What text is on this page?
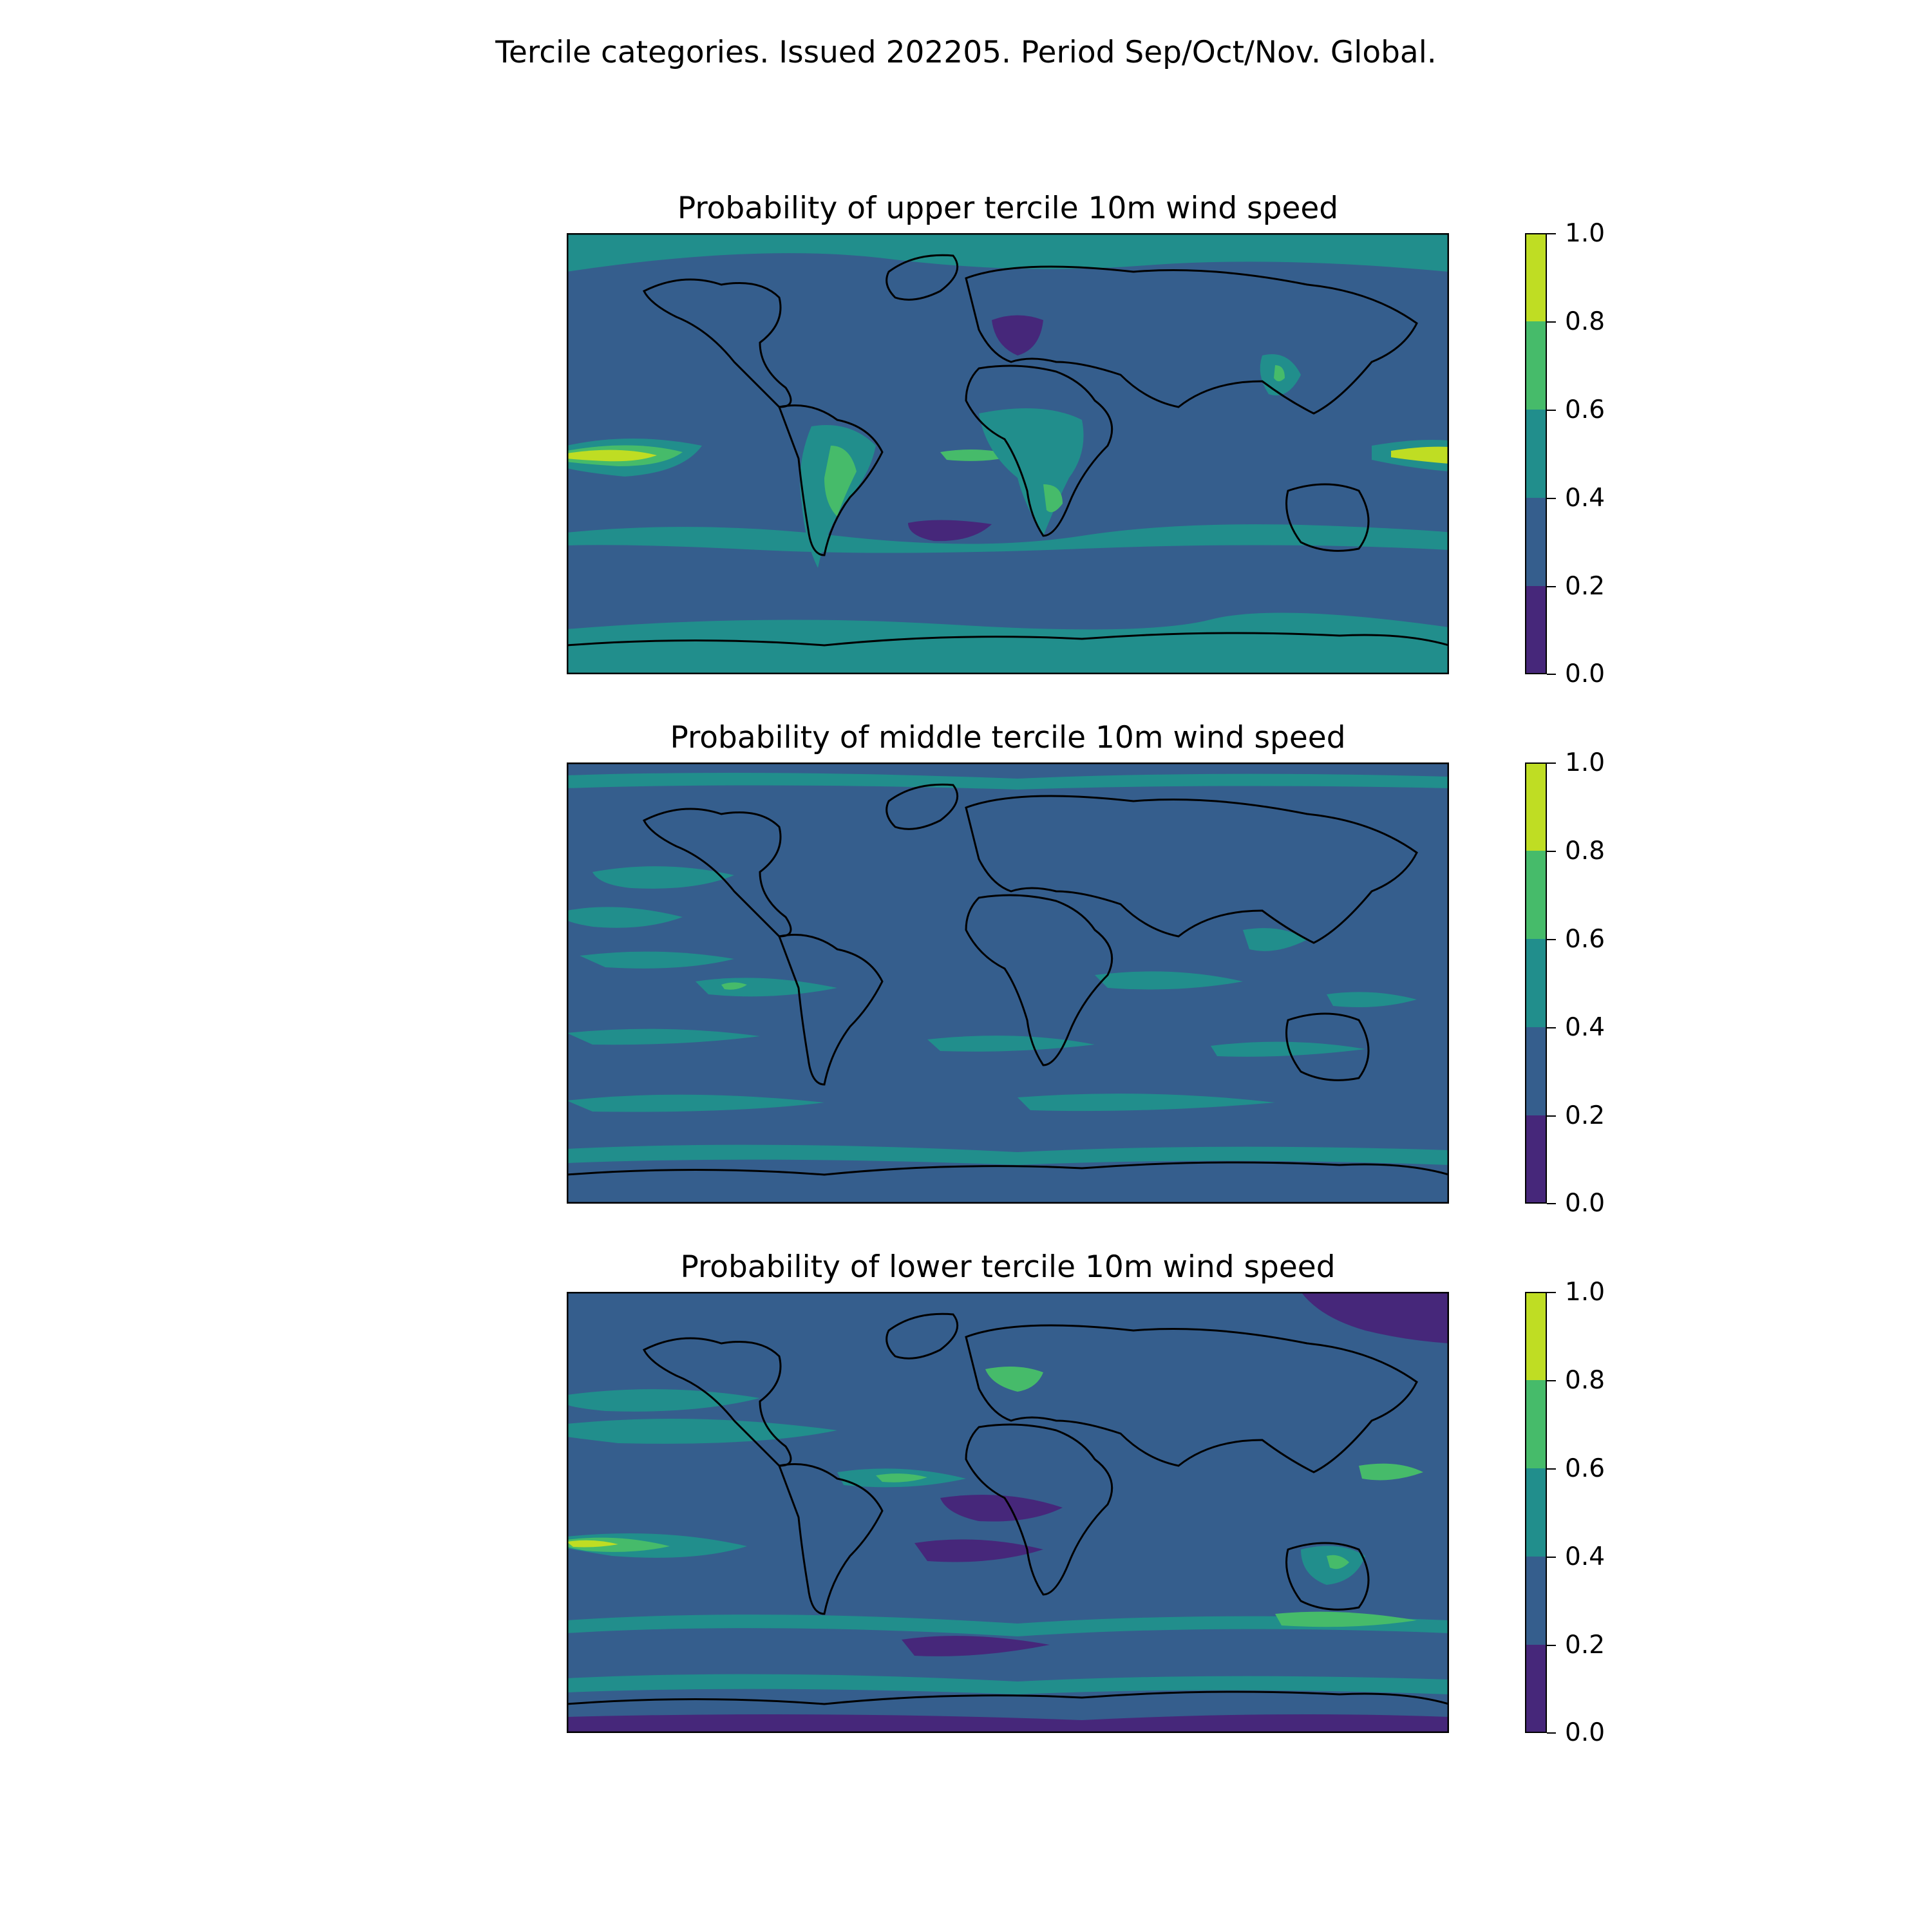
Tercile categories. Issued 202205. Period Sep/Oct/Nov. Global.
Probability of upper tercile 10m wind speed
1.0
0.8
0.6
0.4
0.2
0.0
Probability of middle tercile 10m wind speed
1.0
0.8
0.6
0.4
0.2
0.0
Probability of lower tercile 10m wind speed
1.0
0.8
0.6
0.4
0.2
0.0
